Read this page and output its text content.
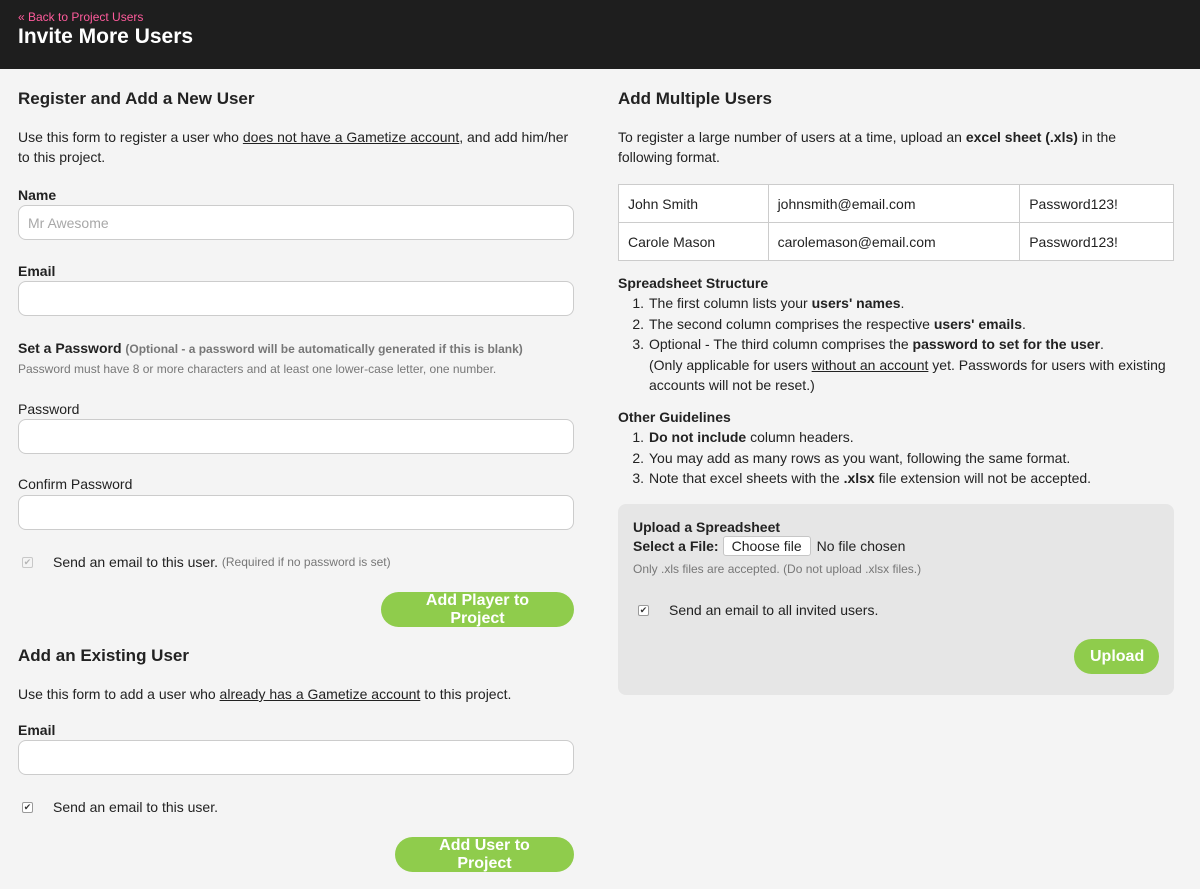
« Back to Project Users
Invite More Users
Register and Add a New User

Use this form to register a user who does not have a Gametize account, and add him/her to this project.

Name
Mr Awesome
Email
Set a Password (Optional - a password will be automatically generated if this is blank)
Password must have 8 or more characters and at least one lower-case letter, one number.
Password
Confirm Password
✔ Send an email to this user.
(Required if no password is set)
Add Player to Project
Add an Existing User

Use this form to add a user who already has a Gametize account to this project.

Email
✔ Send an email to this user.
Add User to Project
Add Multiple Users

To register a large number of users at a time, upload an excel sheet (.xls) in the following format.

John Smith	johnsmith@email.com	Password123!
Carole Mason	carolemason@email.com	Password123!
Spreadsheet Structure
1. The first column lists your users' names.
2. The second column comprises the respective users' emails.
3. Optional - The third column comprises the password to set for the user.
(Only applicable for users without an account yet. Passwords for users with existing accounts will not be reset.)
Other Guidelines
1. Do not include column headers.
2. You may add as many rows as you want, following the same format.
3. Note that excel sheets with the .xlsx file extension will not be accepted.
Upload a Spreadsheet
Select a File: Choose file	No file chosen
Only .xls files are accepted. (Do not upload .xlsx files.)
✔ Send an email to all invited users.
Upload
